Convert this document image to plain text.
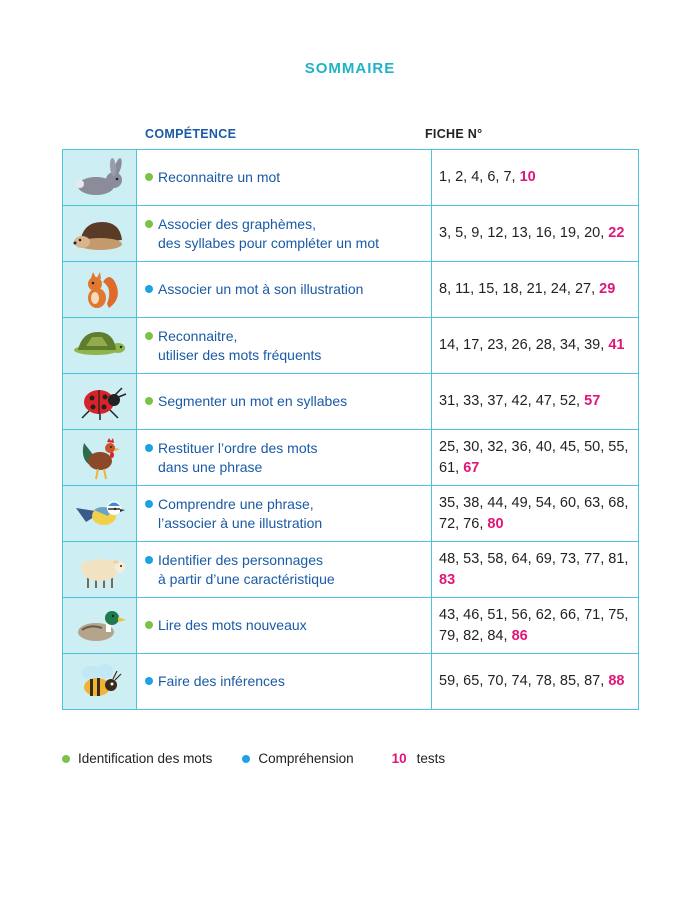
SOMMAIRE
COMPÉTENCE	FICHE N°

Reconnaitre un mot	1, 2, 4, 6, 7, 10

Associer des graphèmes,
des syllabes pour compléter un mot	3, 5, 9, 12, 13, 16, 19, 20, 22

Associer un mot à son illustration	8, 11, 15, 18, 21, 24, 27, 29

Reconnaitre,
utiliser des mots fréquents	14, 17, 23, 26, 28, 34, 39, 41

Segmenter un mot en syllabes	31, 33, 37, 42, 47, 52, 57

Restituer l’ordre des mots
dans une phrase	25, 30, 32, 36, 40, 45, 50, 55, 61, 67

Comprendre une phrase,
l’associer à une illustration	35, 38, 44, 49, 54, 60, 63, 68, 72, 76, 80

Identifier des personnages
à partir d’une caractéristique	48, 53, 58, 64, 69, 73, 77, 81, 83

Lire des mots nouveaux	43, 46, 51, 56, 62, 66, 71, 75, 79, 82, 84, 86

Faire des inférences	59, 65, 70, 74, 78, 85, 87, 88
Identification des mots	Compréhension	10 tests
